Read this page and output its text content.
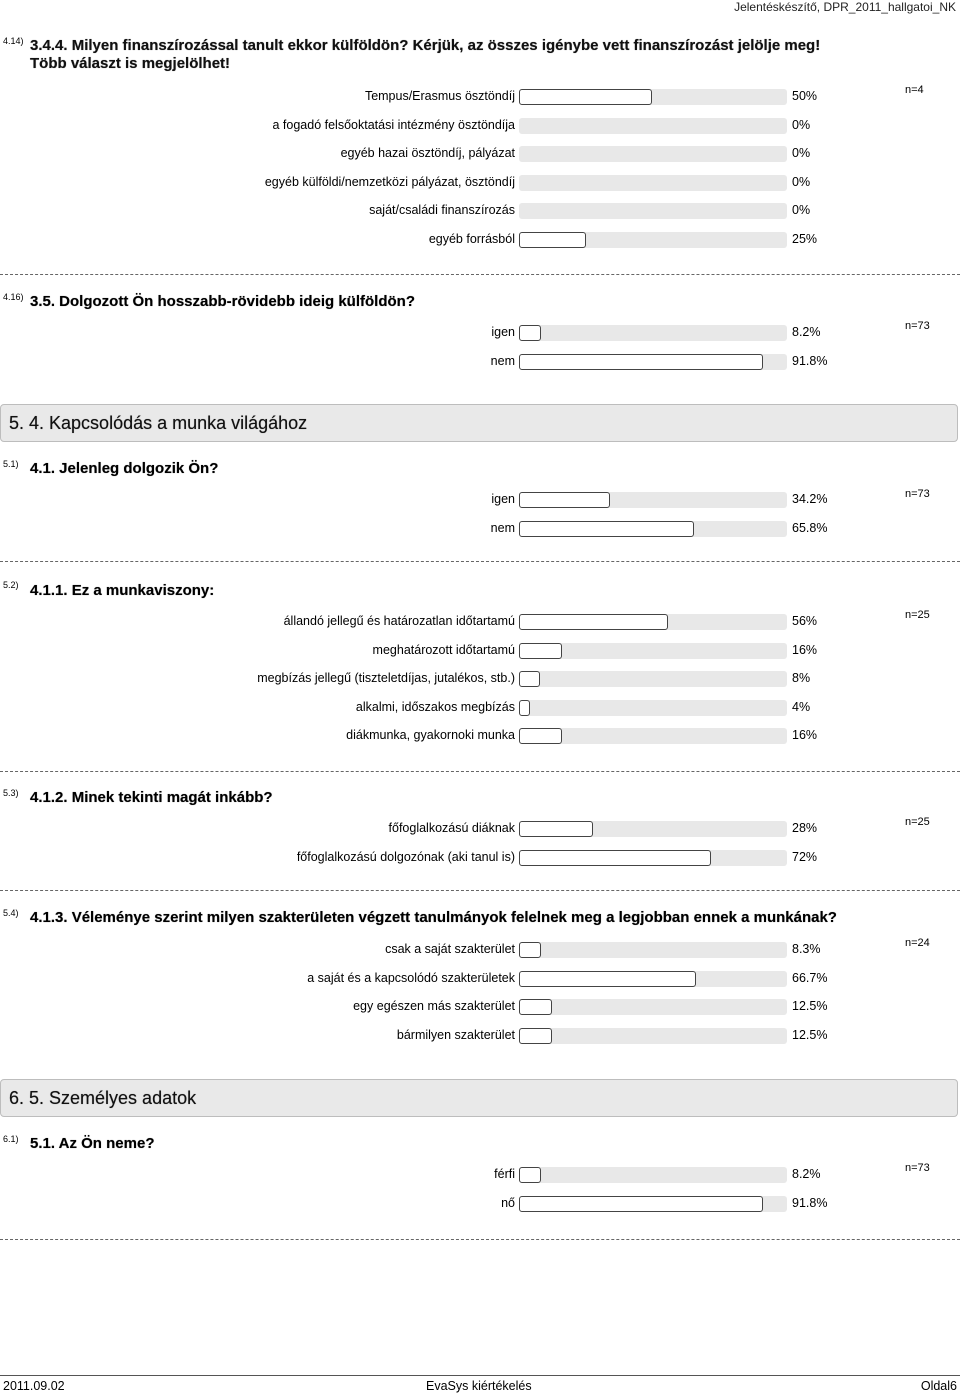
Jelentéskészítő, DPR_2011_hallgatoi_NK
4.14) 3.4.4. Milyen finanszírozással tanult ekkor külföldön? Kérjük, az összes igénybe vett finanszírozást jelölje meg!
Több választ is megjelölhet!
n=4
Tempus/Erasmus ösztöndíj	50%
a fogadó felsőoktatási intézmény ösztöndíja	0%
egyéb hazai ösztöndíj, pályázat	0%
egyéb külföldi/nemzetközi pályázat, ösztöndíj	0%
saját/családi finanszírozás	0%
egyéb forrásból	25%
4.16) 3.5. Dolgozott Ön hosszabb-rövidebb ideig külföldön?
n=73
igen	8.2%
nem	91.8%
5. 4. Kapcsolódás a munka világához
5.1) 4.1. Jelenleg dolgozik Ön?
n=73
igen	34.2%
nem	65.8%
5.2) 4.1.1. Ez a munkaviszony:
n=25
állandó jellegű és határozatlan időtartamú	56%
meghatározott időtartamú	16%
megbízás jellegű (tiszteletdíjas, jutalékos, stb.)	8%
alkalmi, időszakos megbízás	4%
diákmunka, gyakornoki munka	16%
5.3) 4.1.2. Minek tekinti magát inkább?
n=25
főfoglalkozású diáknak	28%
főfoglalkozású dolgozónak (aki tanul is)	72%
5.4) 4.1.3. Véleménye szerint milyen szakterületen végzett tanulmányok felelnek meg a legjobban ennek a munkának?
n=24
csak a saját szakterület	8.3%
a saját és a kapcsolódó szakterületek	66.7%
egy egészen más szakterület	12.5%
bármilyen szakterület	12.5%
6. 5. Személyes adatok
6.1) 5.1. Az Ön neme?
n=73
férfi	8.2%
nő	91.8%
2011.09.02	EvaSys kiértékelés	Oldal6
